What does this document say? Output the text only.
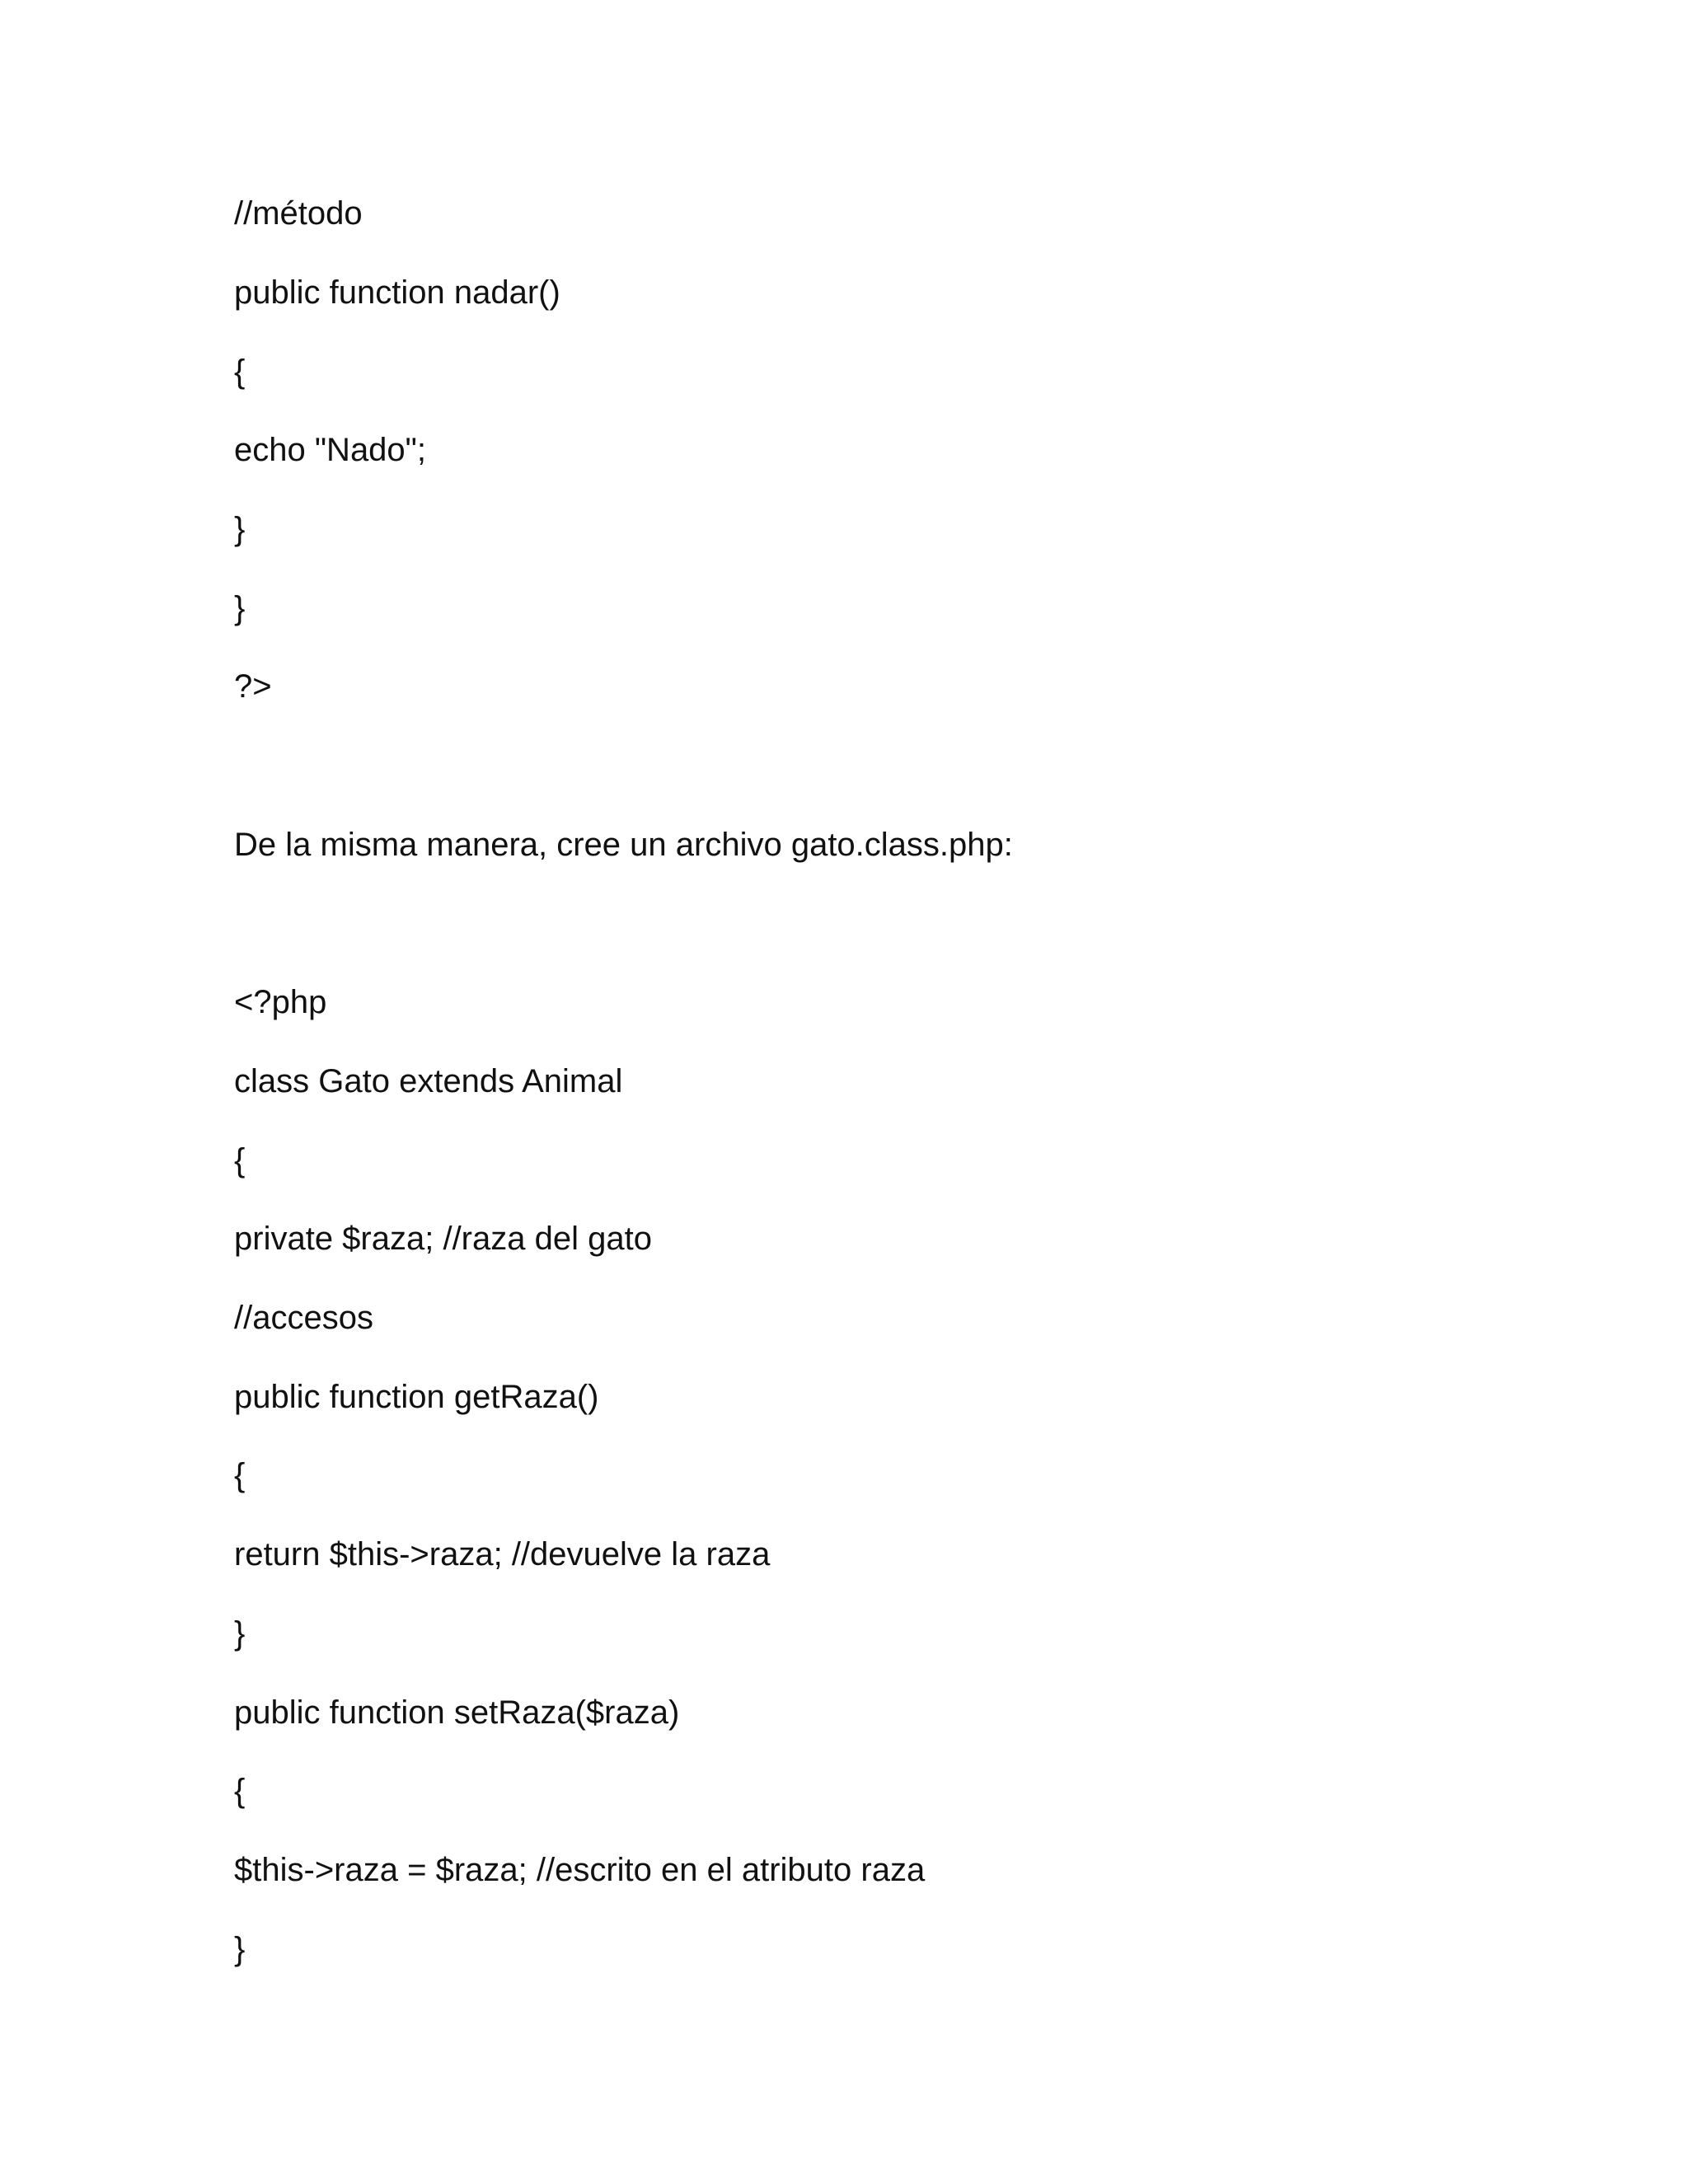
//método

public function nadar()

{

echo "Nado";

}

}

?>

De la misma manera, cree un archivo gato.class.php:

<?php

class Gato extends Animal

{

private $raza; //raza del gato

//accesos

public function getRaza()

{

return $this->raza; //devuelve la raza

}

public function setRaza($raza)

{

$this->raza = $raza; //escrito en el atributo raza

}
